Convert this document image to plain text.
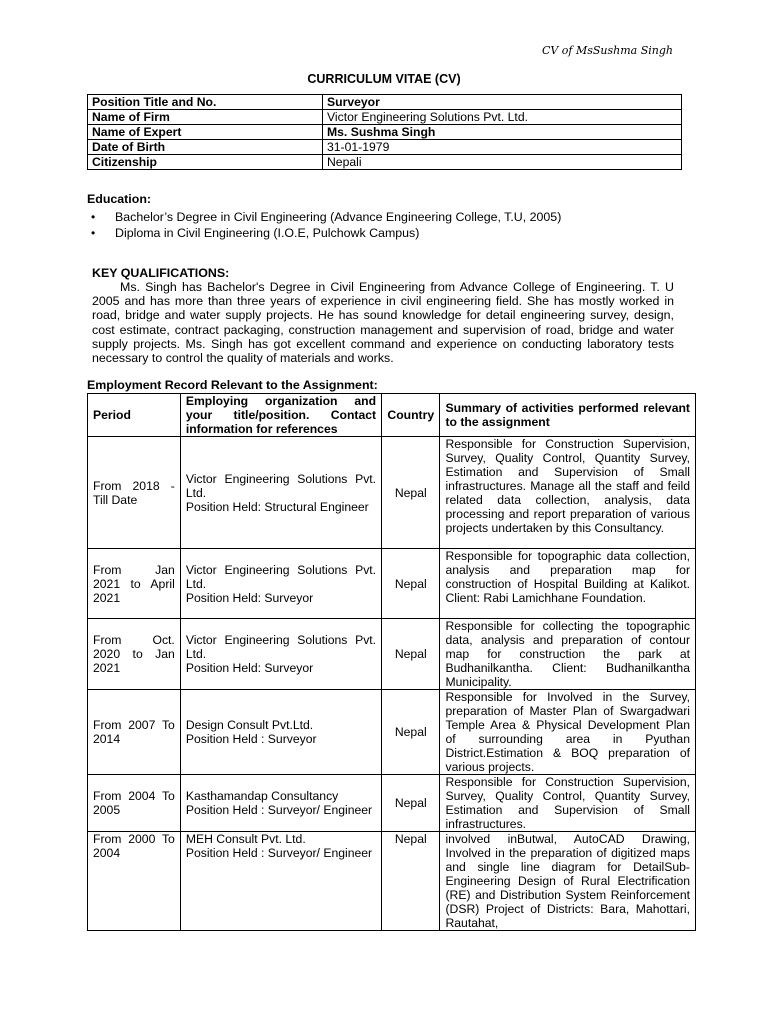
CV of MsSushma Singh
CURRICULUM VITAE (CV)
Position Title and No.	Surveyor
Name of Firm	Victor Engineering Solutions Pvt. Ltd.
Name of Expert	Ms. Sushma Singh
Date of Birth	31-01-1979
Citizenship	Nepali
Education:
• Bachelor’s Degree in Civil Engineering (Advance Engineering College, T.U, 2005)
• Diploma in Civil Engineering (I.O.E, Pulchowk Campus)
KEY QUALIFICATIONS:
Ms. Singh has Bachelor's Degree in Civil Engineering from Advance College of Engineering. T. U 2005 and has more than three years of experience in civil engineering field. She has mostly worked in road, bridge and water supply projects. He has sound knowledge for detail engineering survey, design, cost estimate, contract packaging, construction management and supervision of road, bridge and water supply projects. Ms. Singh has got excellent command and experience on conducting laboratory tests necessary to control the quality of materials and works.
Employment Record Relevant to the Assignment:
Period	Employing organization and your title/position. Contact information for references	Country	Summary of activities performed relevant to the assignment
From 2018 - Till Date	Victor Engineering Solutions Pvt. Ltd.
Position Held: Structural Engineer	Nepal	Responsible for Construction Supervision, Survey, Quality Control, Quantity Survey, Estimation and Supervision of Small infrastructures. Manage all the staff and feild related data collection, analysis, data processing and report preparation of various projects undertaken by this Consultancy.
From Jan 2021 to April 2021	Victor Engineering Solutions Pvt. Ltd.
Position Held: Surveyor	Nepal	Responsible for topographic data collection, analysis and preparation map for construction of Hospital Building at Kalikot. Client: Rabi Lamichhane Foundation.
From Oct. 2020 to Jan 2021	Victor Engineering Solutions Pvt. Ltd.
Position Held: Surveyor	Nepal	Responsible for collecting the topographic data, analysis and preparation of contour map for construction the park at Budhanilkantha. Client: Budhanilkantha Municipality.
From 2007 To 2014	Design Consult Pvt.Ltd.
Position Held : Surveyor	Nepal	Responsible for Involved in the Survey, preparation of Master Plan of Swargadwari Temple Area & Physical Development Plan of surrounding area in Pyuthan District.Estimation & BOQ preparation of various projects.
From 2004 To 2005	Kasthamandap Consultancy
Position Held : Surveyor/ Engineer	Nepal	Responsible for Construction Supervision, Survey, Quality Control, Quantity Survey, Estimation and Supervision of Small infrastructures.
From 2000 To 2004	MEH Consult Pvt. Ltd.
Position Held : Surveyor/ Engineer	Nepal	involved inButwal, AutoCAD Drawing, Involved in the preparation of digitized maps and single line diagram for DetailSub-Engineering Design of Rural Electrification (RE) and Distribution System Reinforcement (DSR) Project of Districts: Bara, Mahottari, Rautahat,
